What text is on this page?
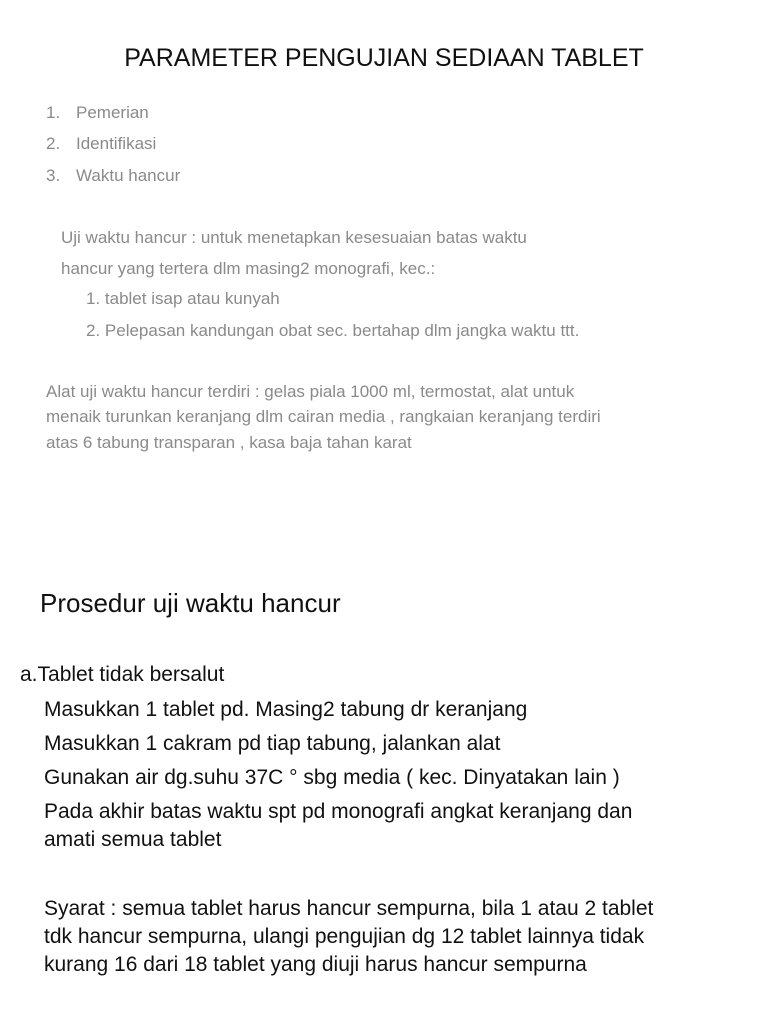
PARAMETER PENGUJIAN SEDIAAN TABLET
1. Pemerian
2. Identifikasi
3. Waktu hancur
Uji waktu hancur : untuk menetapkan kesesuaian batas waktu
hancur yang tertera dlm masing2 monografi, kec.:
1. tablet isap atau kunyah
2. Pelepasan kandungan obat sec. bertahap dlm jangka waktu ttt.
Alat uji waktu hancur terdiri : gelas piala 1000 ml, termostat, alat untuk
menaik turunkan keranjang dlm cairan media , rangkaian keranjang terdiri
atas 6 tabung transparan , kasa baja tahan karat
Prosedur uji waktu hancur
a.Tablet tidak bersalut
Masukkan 1 tablet pd. Masing2 tabung dr keranjang
Masukkan 1 cakram pd tiap tabung, jalankan alat
Gunakan air dg.suhu 37C ° sbg media ( kec. Dinyatakan lain )
Pada akhir batas waktu spt pd monografi angkat keranjang dan
amati semua tablet
Syarat : semua tablet harus hancur sempurna, bila 1 atau 2 tablet
tdk hancur sempurna, ulangi pengujian dg 12 tablet lainnya tidak
kurang 16 dari 18 tablet yang diuji harus hancur sempurna
